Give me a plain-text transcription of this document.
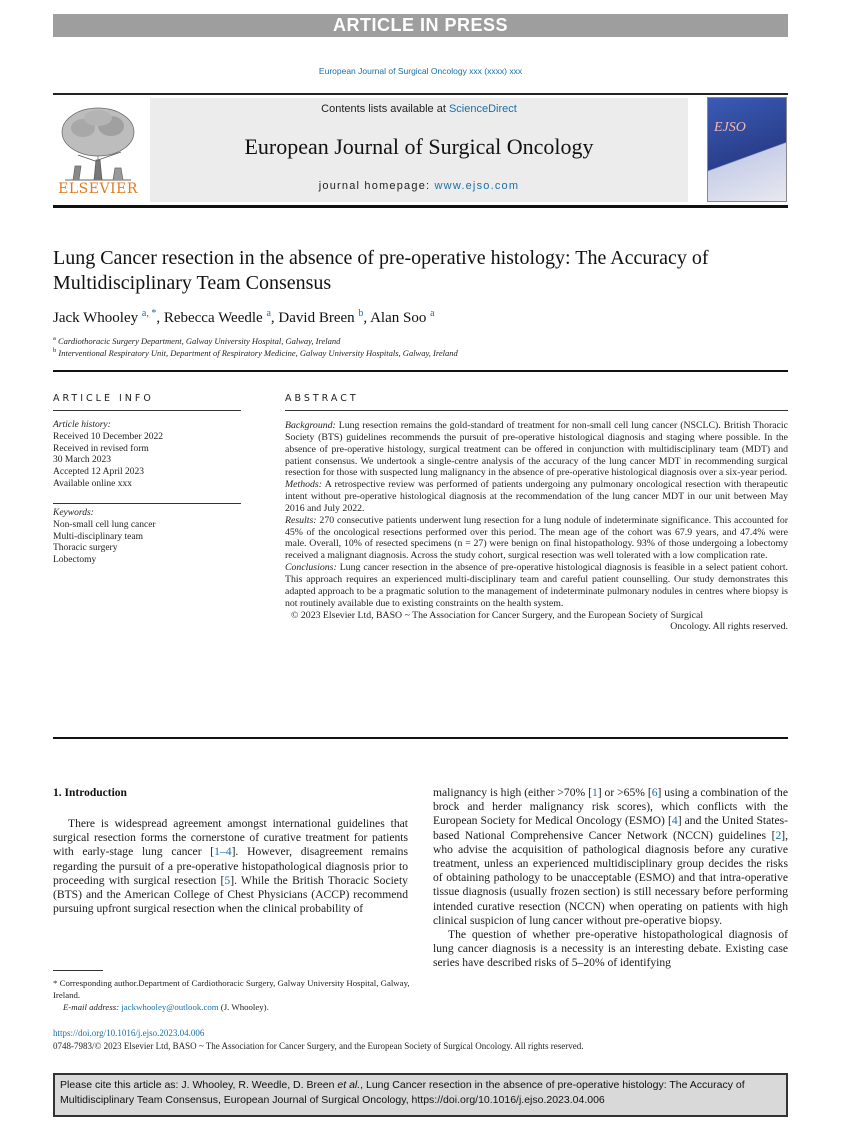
ARTICLE IN PRESS
European Journal of Surgical Oncology xxx (xxxx) xxx
ELSEVIER
Contents lists available at ScienceDirect
European Journal of Surgical Oncology
journal homepage: www.ejso.com
EJSO
Lung Cancer resection in the absence of pre-operative histology: The Accuracy of Multidisciplinary Team Consensus
Jack Whooley $^{a, *}$, Rebecca Weedle $^a$, David Breen $^b$, Alan Soo $^a$
$^a$ Cardiothoracic Surgery Department, Galway University Hospital, Galway, Ireland
$^b$ Interventional Respiratory Unit, Department of Respiratory Medicine, Galway University Hospitals, Galway, Ireland
ARTICLE INFO	ABSTRACT
Article history:
Received 10 December 2022
Received in revised form
30 March 2023
Accepted 12 April 2023
Available online xxx
Keywords:
Non-small cell lung cancer
Multi-disciplinary team
Thoracic surgery
Lobectomy

Background: Lung resection remains the gold-standard of treatment for non-small cell lung cancer (NSCLC). British Thoracic Society (BTS) guidelines recommends the pursuit of pre-operative histological diagnosis and staging where possible. In the absence of pre-operative histology, surgical treatment can be offered in conjunction with multidisciplinary team (MDT) and patient consensus. We undertook a single-centre analysis of the accuracy of the lung cancer MDT in recommending surgical resection for those with suspected lung malignancy in the absence of pre-operative histological diagnosis over a six-year period.

Methods: A retrospective review was performed of patients undergoing any pulmonary oncological resection with therapeutic intent without pre-operative histological diagnosis at the recommendation of the lung cancer MDT in our unit between May 2016 and July 2022.

Results: 270 consecutive patients underwent lung resection for a lung nodule of indeterminate significance. This accounted for 45% of the oncological resections performed over this period. The mean age of the cohort was 67.9 years, and 47.4% were male. Overall, 10% of resected specimens (n = 27) were benign on final histopathology. 93% of those undergoing a lobectomy received a malignant diagnosis. Across the study cohort, surgical resection was well tolerated with a low complication rate.

Conclusions: Lung cancer resection in the absence of pre-operative histological diagnosis is feasible in a select patient cohort. This approach requires an experienced multi-disciplinary team and careful patient counselling. Our study demonstrates this adapted approach to be a pragmatic solution to the management of indeterminate pulmonary nodules in centres where biopsy is not routinely available due to existing constraints on the health system.

© 2023 Elsevier Ltd, BASO ~ The Association for Cancer Surgery, and the European Society of Surgical

Oncology. All rights reserved.

1. Introduction

There is widespread agreement amongst international guidelines that surgical resection forms the cornerstone of curative treatment for patients with early-stage lung cancer [1–4]. However, disagreement remains regarding the pursuit of a pre-operative histopathological diagnosis prior to proceeding with surgical resection [5]. While the British Thoracic Society (BTS) and the American College of Chest Physicians (ACCP) recommend pursuing upfront surgical resection when the clinical probability of

malignancy is high (either >70% [1] or >65% [6] using a combination of the brock and herder malignancy risk scores), which conflicts with the European Society for Medical Oncology (ESMO) [4] and the United States-based National Comprehensive Cancer Network (NCCN) guidelines [2], who advise the acquisition of pathological diagnosis before any curative treatment, unless an experienced multidisciplinary group decides the risks of obtaining pathology to be unacceptable (ESMO) and that intra-operative tissue diagnosis (usually frozen section) is still necessary before performing intended curative resection (NCCN) when operating on patients with high clinical suspicion of lung cancer without pre-operative biopsy.

The question of whether pre-operative histopathological diagnosis of lung cancer diagnosis is a necessity is an interesting debate. Existing case series have described risks of 5–20% of identifying

* Corresponding author.Department of Cardiothoracic Surgery, Galway University Hospital, Galway, Ireland.
E-mail address: jackwhooley@outlook.com (J. Whooley).
https://doi.org/10.1016/j.ejso.2023.04.006
0748-7983/© 2023 Elsevier Ltd, BASO ~ The Association for Cancer Surgery, and the European Society of Surgical Oncology. All rights reserved.
Please cite this article as: J. Whooley, R. Weedle, D. Breen et al., Lung Cancer resection in the absence of pre-operative histology: The Accuracy of Multidisciplinary Team Consensus, European Journal of Surgical Oncology, https://doi.org/10.1016/j.ejso.2023.04.006
